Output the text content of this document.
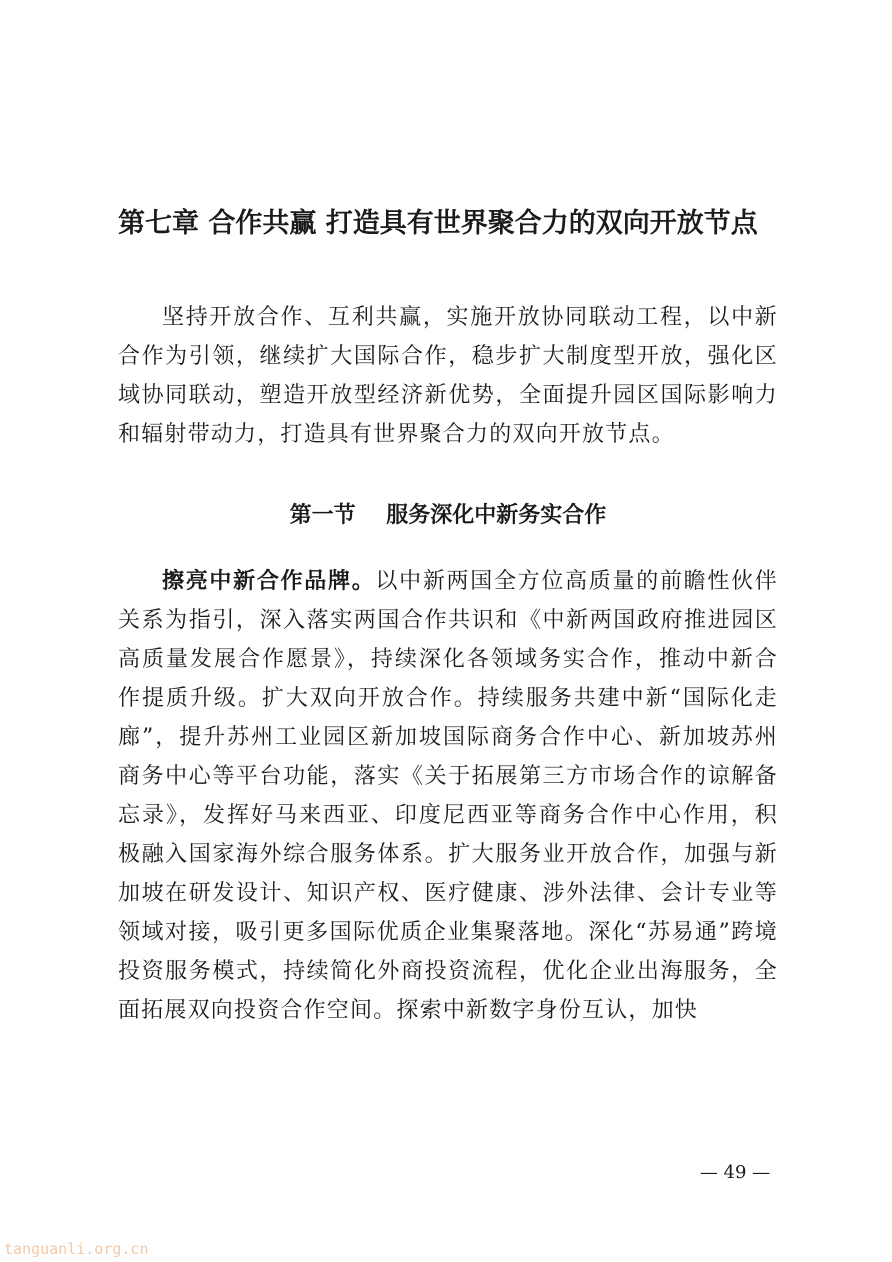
第七章 合作共赢 打造具有世界聚合力的双向开放节点

坚持开放合作、互利共赢，实施开放协同联动工程，以中新合作为引领，继续扩大国际合作，稳步扩大制度型开放，强化区域协同联动，塑造开放型经济新优势，全面提升园区国际影响力和辐射带动力，打造具有世界聚合力的双向开放节点。

第一节    服务深化中新务实合作

擦亮中新合作品牌。以中新两国全方位高质量的前瞻性伙伴关系为指引，深入落实两国合作共识和《中新两国政府推进园区高质量发展合作愿景》，持续深化各领域务实合作，推动中新合作提质升级。扩大双向开放合作。持续服务共建中新“国际化走廊”，提升苏州工业园区新加坡国际商务合作中心、新加坡苏州商务中心等平台功能，落实《关于拓展第三方市场合作的谅解备忘录》，发挥好马来西亚、印度尼西亚等商务合作中心作用，积极融入国家海外综合服务体系。扩大服务业开放合作，加强与新加坡在研发设计、知识产权、医疗健康、涉外法律、会计专业等领域对接，吸引更多国际优质企业集聚落地。深化“苏易通”跨境投资服务模式，持续简化外商投资流程，优化企业出海服务，全面拓展双向投资合作空间。探索中新数字身份互认，加快

— 49 —
tanguanli.org.cn
